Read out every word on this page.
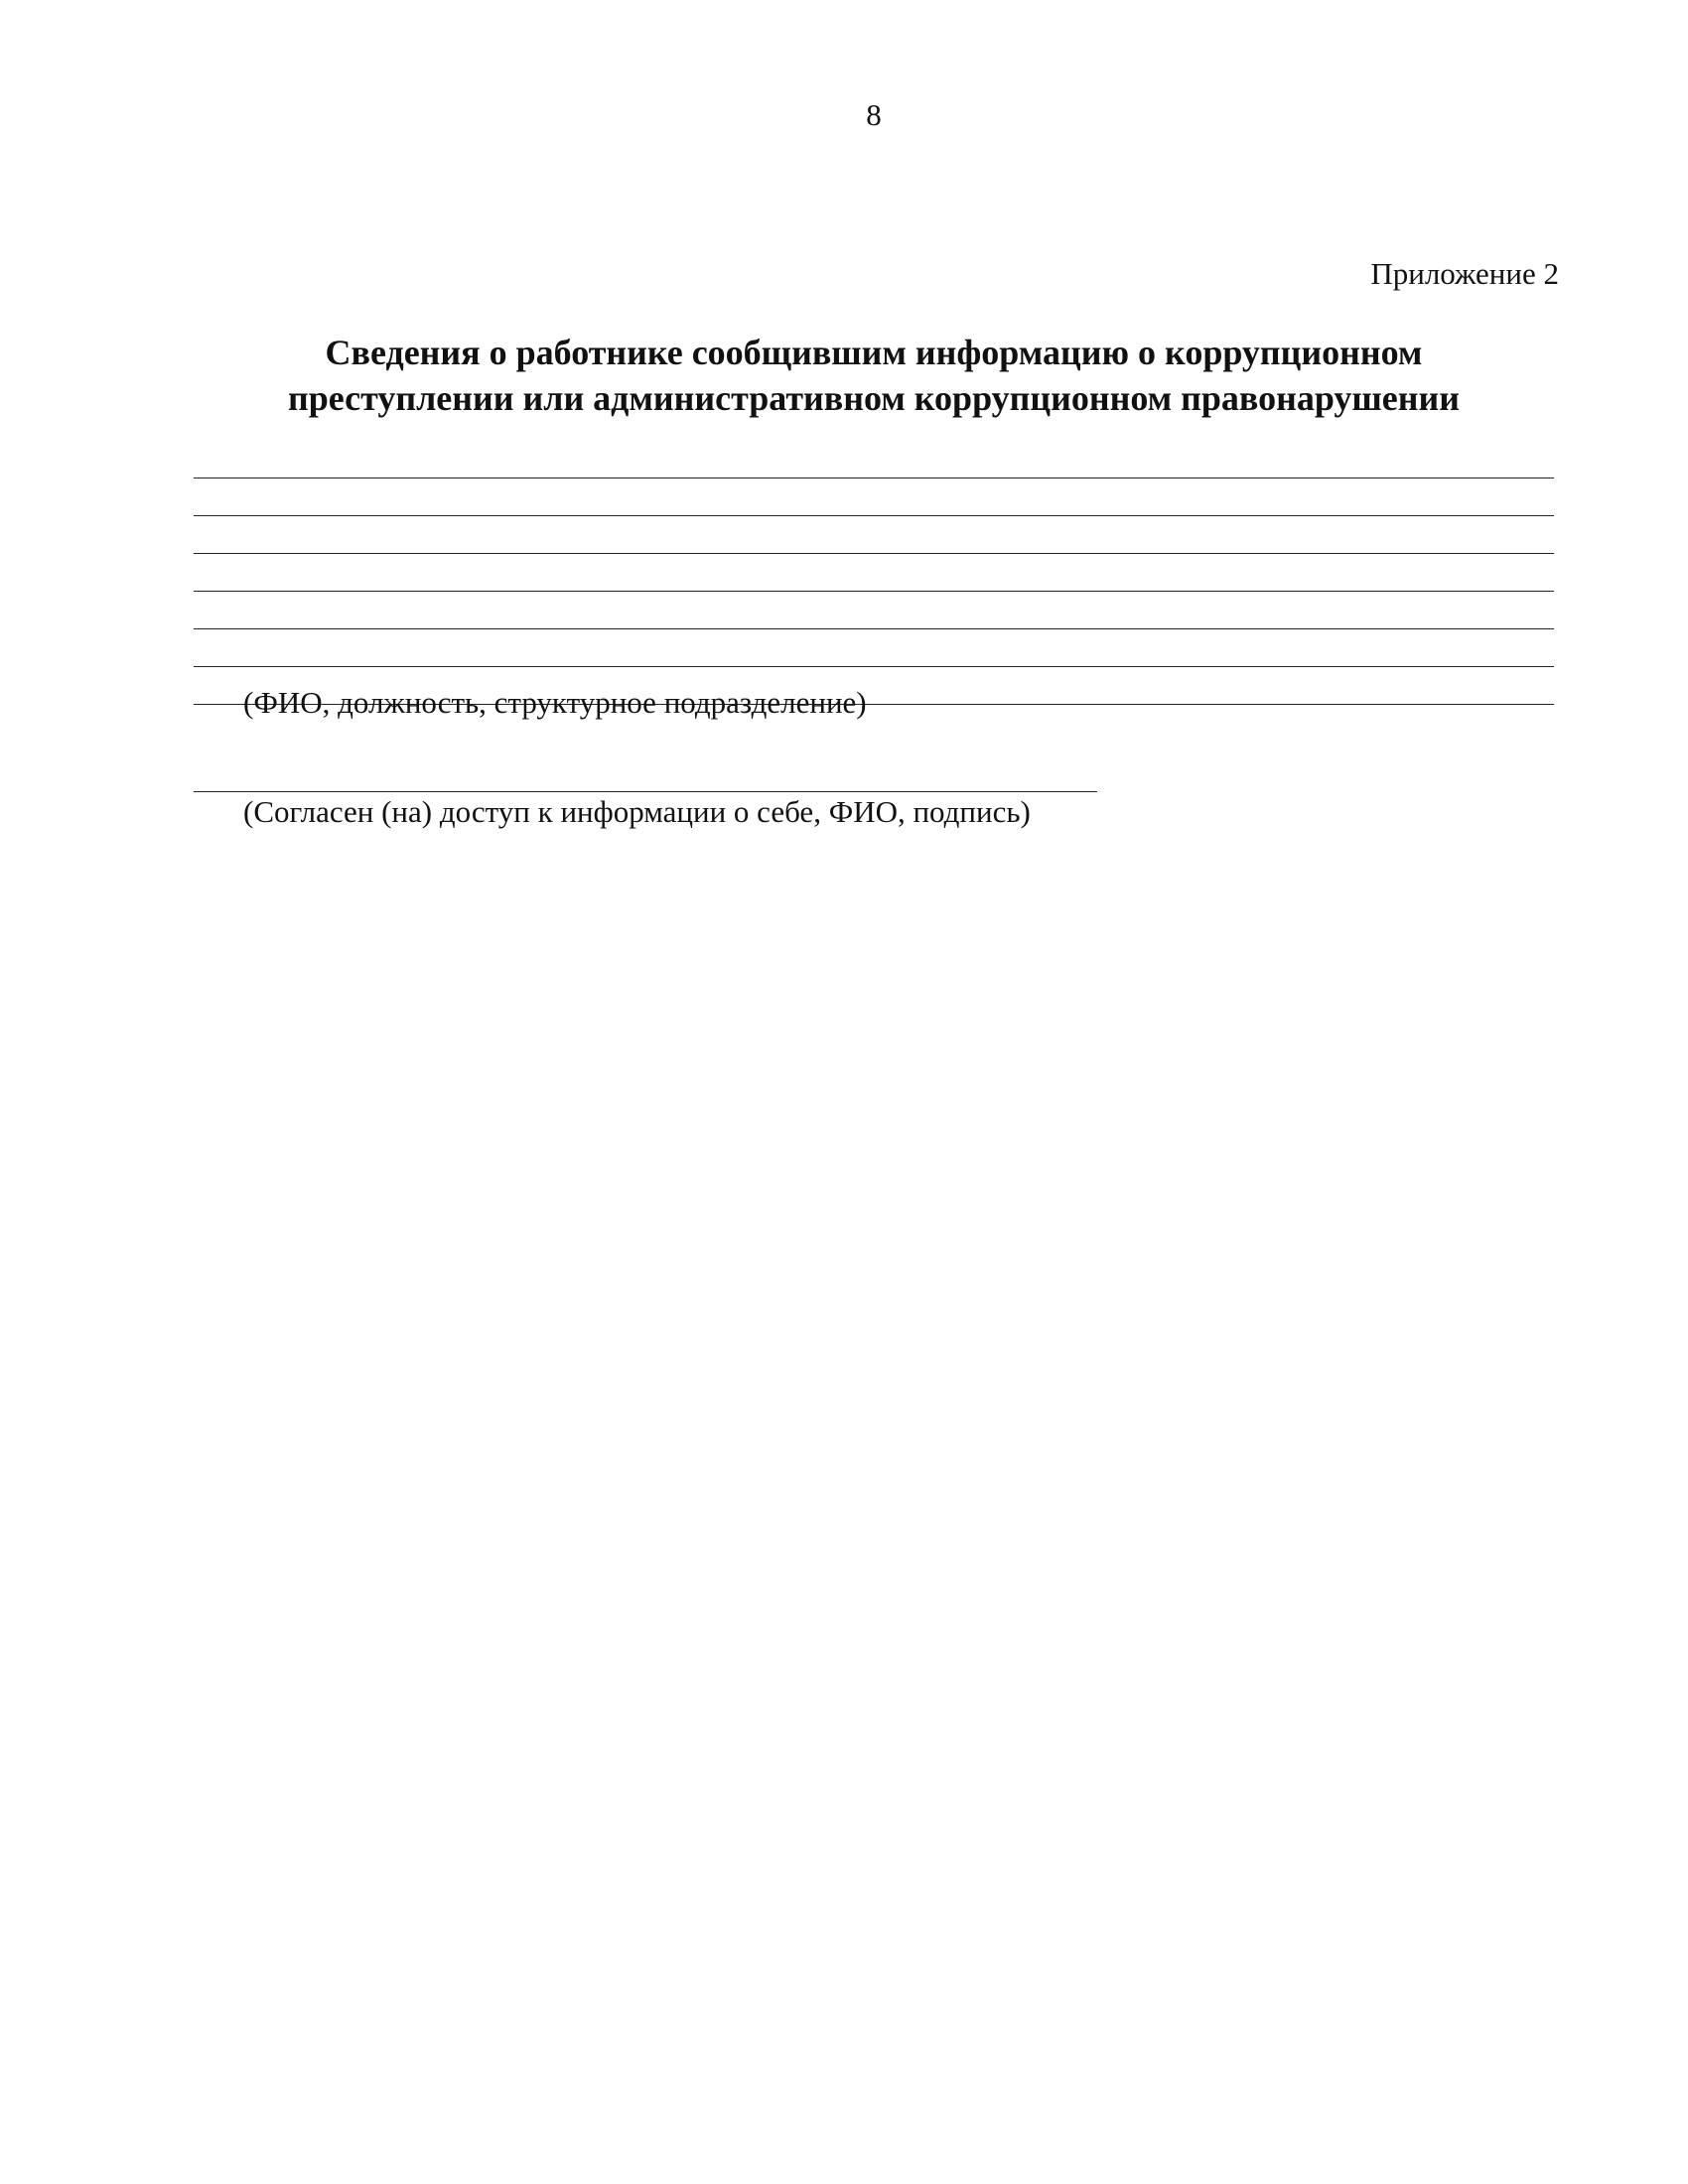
8
Приложение 2
Сведения о работнике сообщившим информацию о коррупционном
преступлении или административном коррупционном правонарушении
(ФИО, должность, структурное подразделение)
(Согласен (на) доступ к информации о себе, ФИО, подпись)
